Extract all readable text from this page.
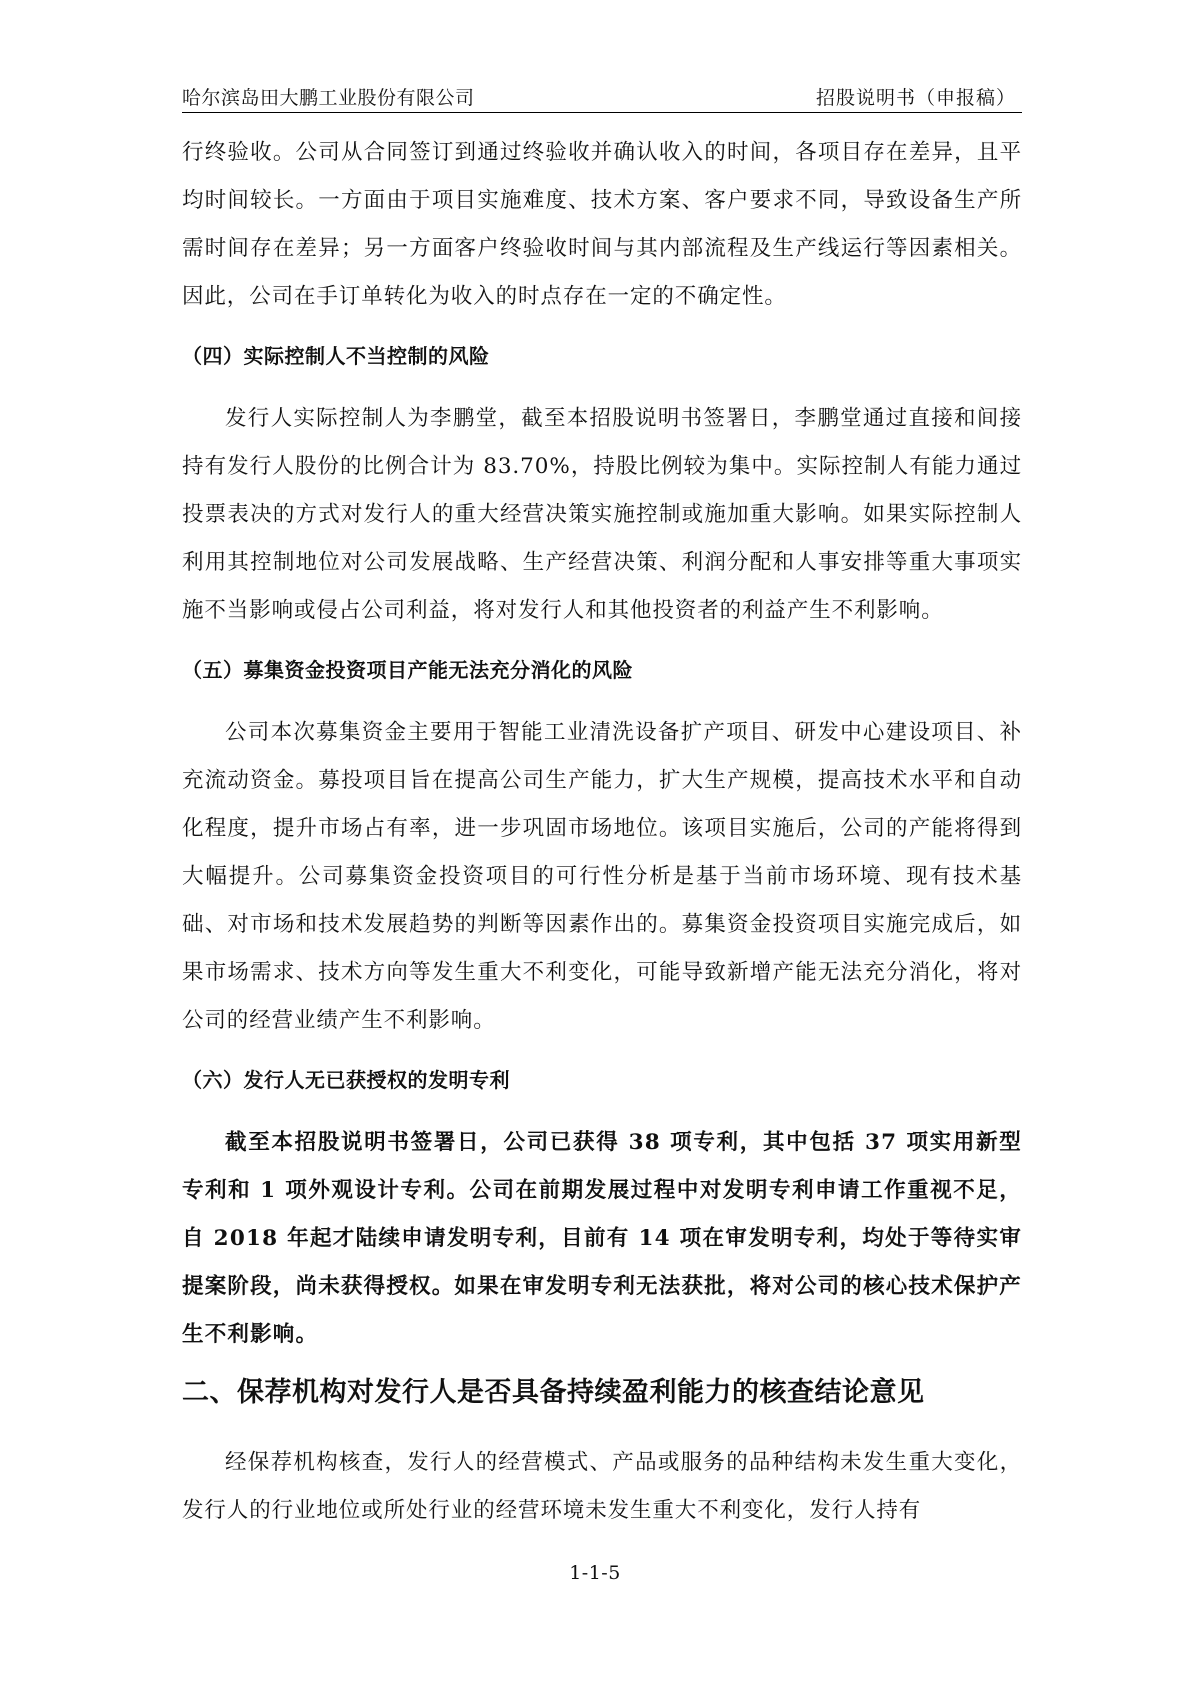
哈尔滨岛田大鹏工业股份有限公司	招股说明书（申报稿）

行终验收。公司从合同签订到通过终验收并确认收入的时间，各项目存在差异，且平均时间较长。一方面由于项目实施难度、技术方案、客户要求不同，导致设备生产所需时间存在差异；另一方面客户终验收时间与其内部流程及生产线运行等因素相关。因此，公司在手订单转化为收入的时点存在一定的不确定性。

（四）实际控制人不当控制的风险

发行人实际控制人为李鹏堂，截至本招股说明书签署日，李鹏堂通过直接和间接持有发行人股份的比例合计为 83.70%，持股比例较为集中。实际控制人有能力通过投票表决的方式对发行人的重大经营决策实施控制或施加重大影响。如果实际控制人利用其控制地位对公司发展战略、生产经营决策、利润分配和人事安排等重大事项实施不当影响或侵占公司利益，将对发行人和其他投资者的利益产生不利影响。

（五）募集资金投资项目产能无法充分消化的风险

公司本次募集资金主要用于智能工业清洗设备扩产项目、研发中心建设项目、补充流动资金。募投项目旨在提高公司生产能力，扩大生产规模，提高技术水平和自动化程度，提升市场占有率，进一步巩固市场地位。该项目实施后，公司的产能将得到大幅提升。公司募集资金投资项目的可行性分析是基于当前市场环境、现有技术基础、对市场和技术发展趋势的判断等因素作出的。募集资金投资项目实施完成后，如果市场需求、技术方向等发生重大不利变化，可能导致新增产能无法充分消化，将对公司的经营业绩产生不利影响。

（六）发行人无已获授权的发明专利

截至本招股说明书签署日，公司已获得 38 项专利，其中包括 37 项实用新型专利和 1 项外观设计专利。公司在前期发展过程中对发明专利申请工作重视不足，自 2018 年起才陆续申请发明专利，目前有 14 项在审发明专利，均处于等待实审提案阶段，尚未获得授权。如果在审发明专利无法获批，将对公司的核心技术保护产生不利影响。

二、保荐机构对发行人是否具备持续盈利能力的核查结论意见

经保荐机构核查，发行人的经营模式、产品或服务的品种结构未发生重大变化，发行人的行业地位或所处行业的经营环境未发生重大不利变化，发行人持有

1-1-5
